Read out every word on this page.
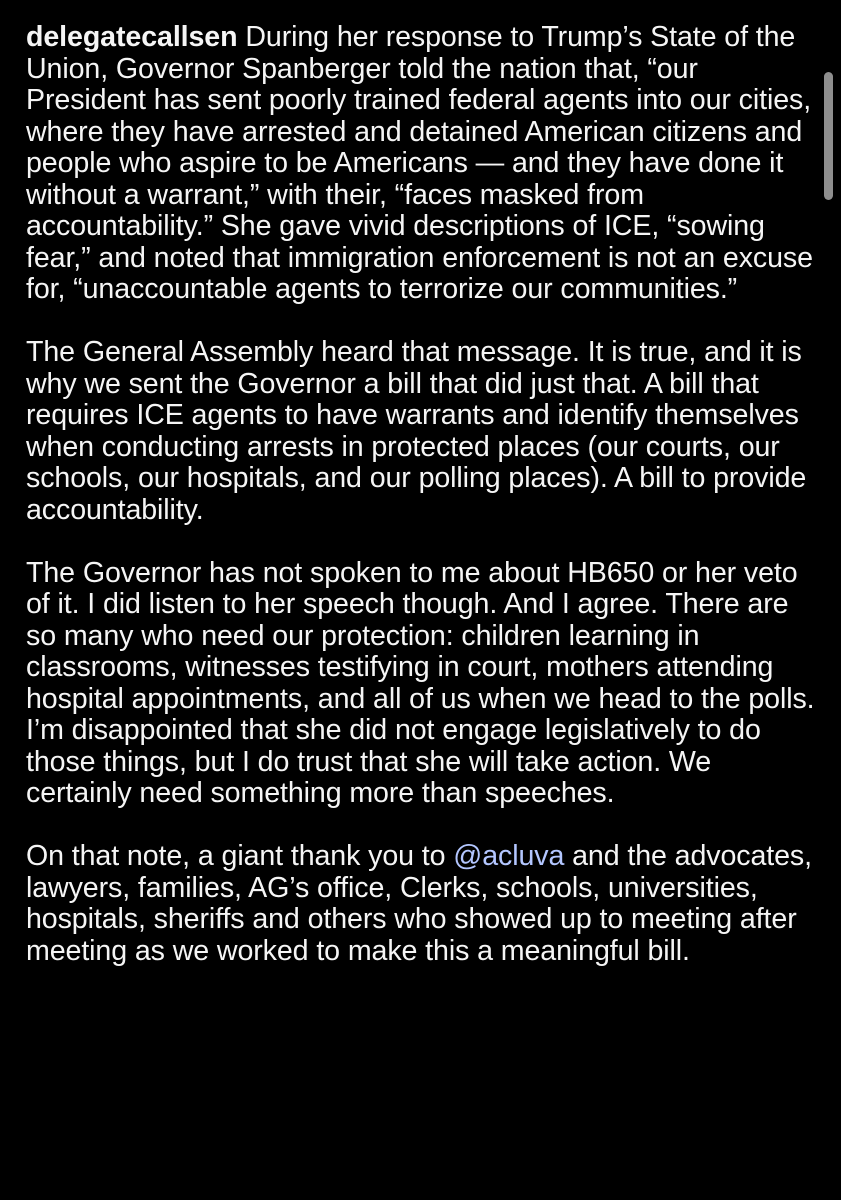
delegatecallsen During her response to Trump’s State of the Union, Governor Spanberger told the nation that, “our President has sent poorly trained federal agents into our cities, where they have arrested and detained American citizens and people who aspire to be Americans — and they have done it without a warrant,” with their, “faces masked from accountability.” She gave vivid descriptions of ICE, “sowing fear,” and noted that immigration enforcement is not an excuse for, “unaccountable agents to terrorize our communities.”

The General Assembly heard that message. It is true, and it is why we sent the Governor a bill that did just that. A bill that requires ICE agents to have warrants and identify themselves when conducting arrests in protected places (our courts, our schools, our hospitals, and our polling places). A bill to provide accountability.

The Governor has not spoken to me about HB650 or her veto of it. I did listen to her speech though. And I agree. There are so many who need our protection: children learning in classrooms, witnesses testifying in court, mothers attending hospital appointments, and all of us when we head to the polls. I’m disappointed that she did not engage legislatively to do those things, but I do trust that she will take action. We certainly need something more than speeches.

On that note, a giant thank you to @acluva and the advocates, lawyers, families, AG’s office, Clerks, schools, universities, hospitals, sheriffs and others who showed up to meeting after meeting as we worked to make this a meaningful bill.
